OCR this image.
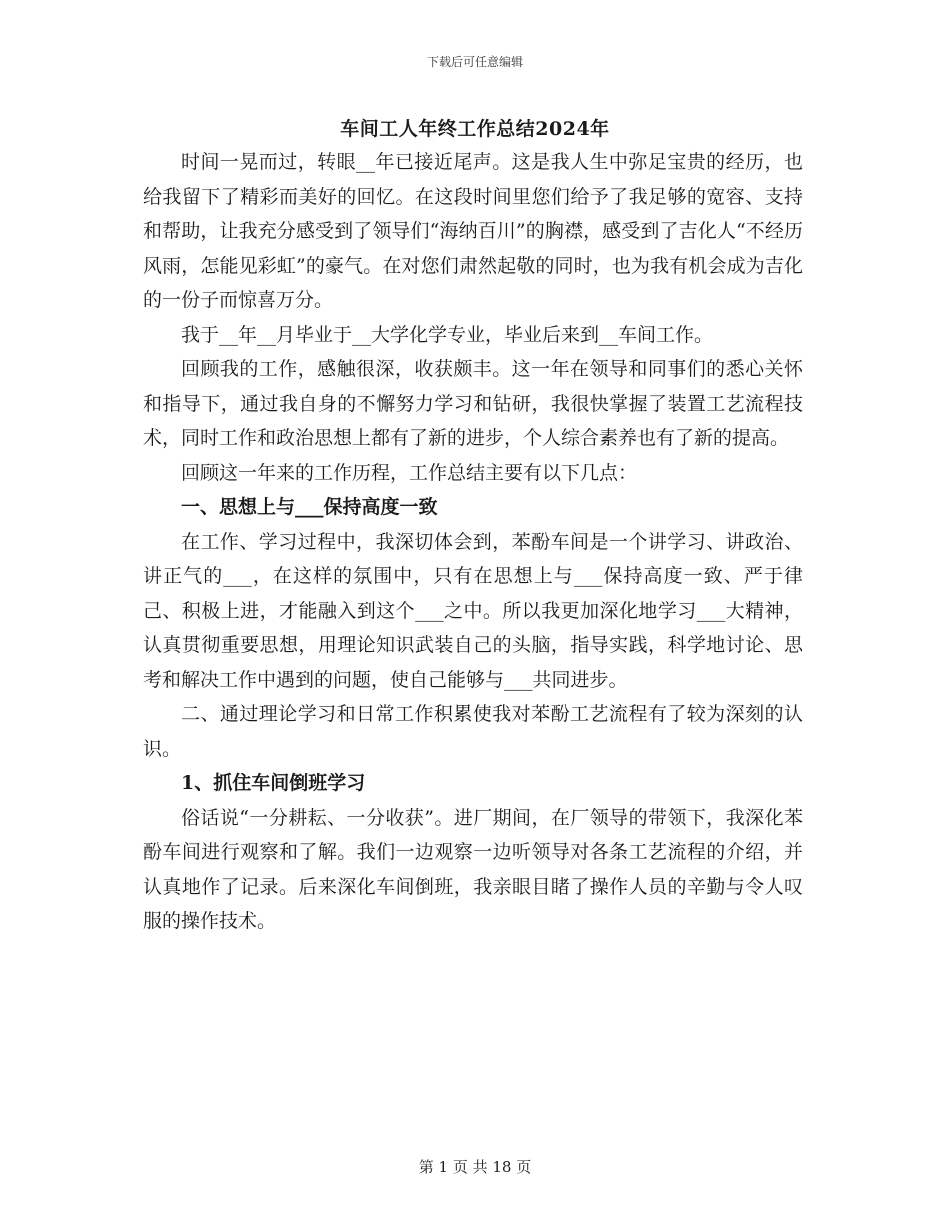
下载后可任意编辑
车间工人年终工作总结2024年

时间一晃而过，转眼__年已接近尾声。这是我人生中弥足宝贵的经历，也给我留下了精彩而美好的回忆。在这段时间里您们给予了我足够的宽容、支持和帮助，让我充分感受到了领导们“海纳百川”的胸襟，感受到了吉化人“不经历风雨，怎能见彩虹”的豪气。在对您们肃然起敬的同时，也为我有机会成为吉化的一份子而惊喜万分。

我于__年__月毕业于__大学化学专业，毕业后来到__车间工作。

回顾我的工作，感触很深，收获颇丰。这一年在领导和同事们的悉心关怀和指导下，通过我自身的不懈努力学习和钻研，我很快掌握了装置工艺流程技术，同时工作和政治思想上都有了新的进步，个人综合素养也有了新的提高。

回顾这一年来的工作历程，工作总结主要有以下几点：

一、思想上与___保持高度一致

在工作、学习过程中，我深切体会到，苯酚车间是一个讲学习、讲政治、讲正气的___，在这样的氛围中，只有在思想上与___保持高度一致、严于律己、积极上进，才能融入到这个___之中。所以我更加深化地学习___大精神，认真贯彻重要思想，用理论知识武装自己的头脑，指导实践，科学地讨论、思考和解决工作中遇到的问题，使自己能够与___共同进步。

二、通过理论学习和日常工作积累使我对苯酚工艺流程有了较为深刻的认识。

1、抓住车间倒班学习

俗话说“一分耕耘、一分收获”。进厂期间，在厂领导的带领下，我深化苯酚车间进行观察和了解。我们一边观察一边听领导对各条工艺流程的介绍，并认真地作了记录。后来深化车间倒班，我亲眼目睹了操作人员的辛勤与令人叹服的操作技术。

第 1 页 共 18 页
